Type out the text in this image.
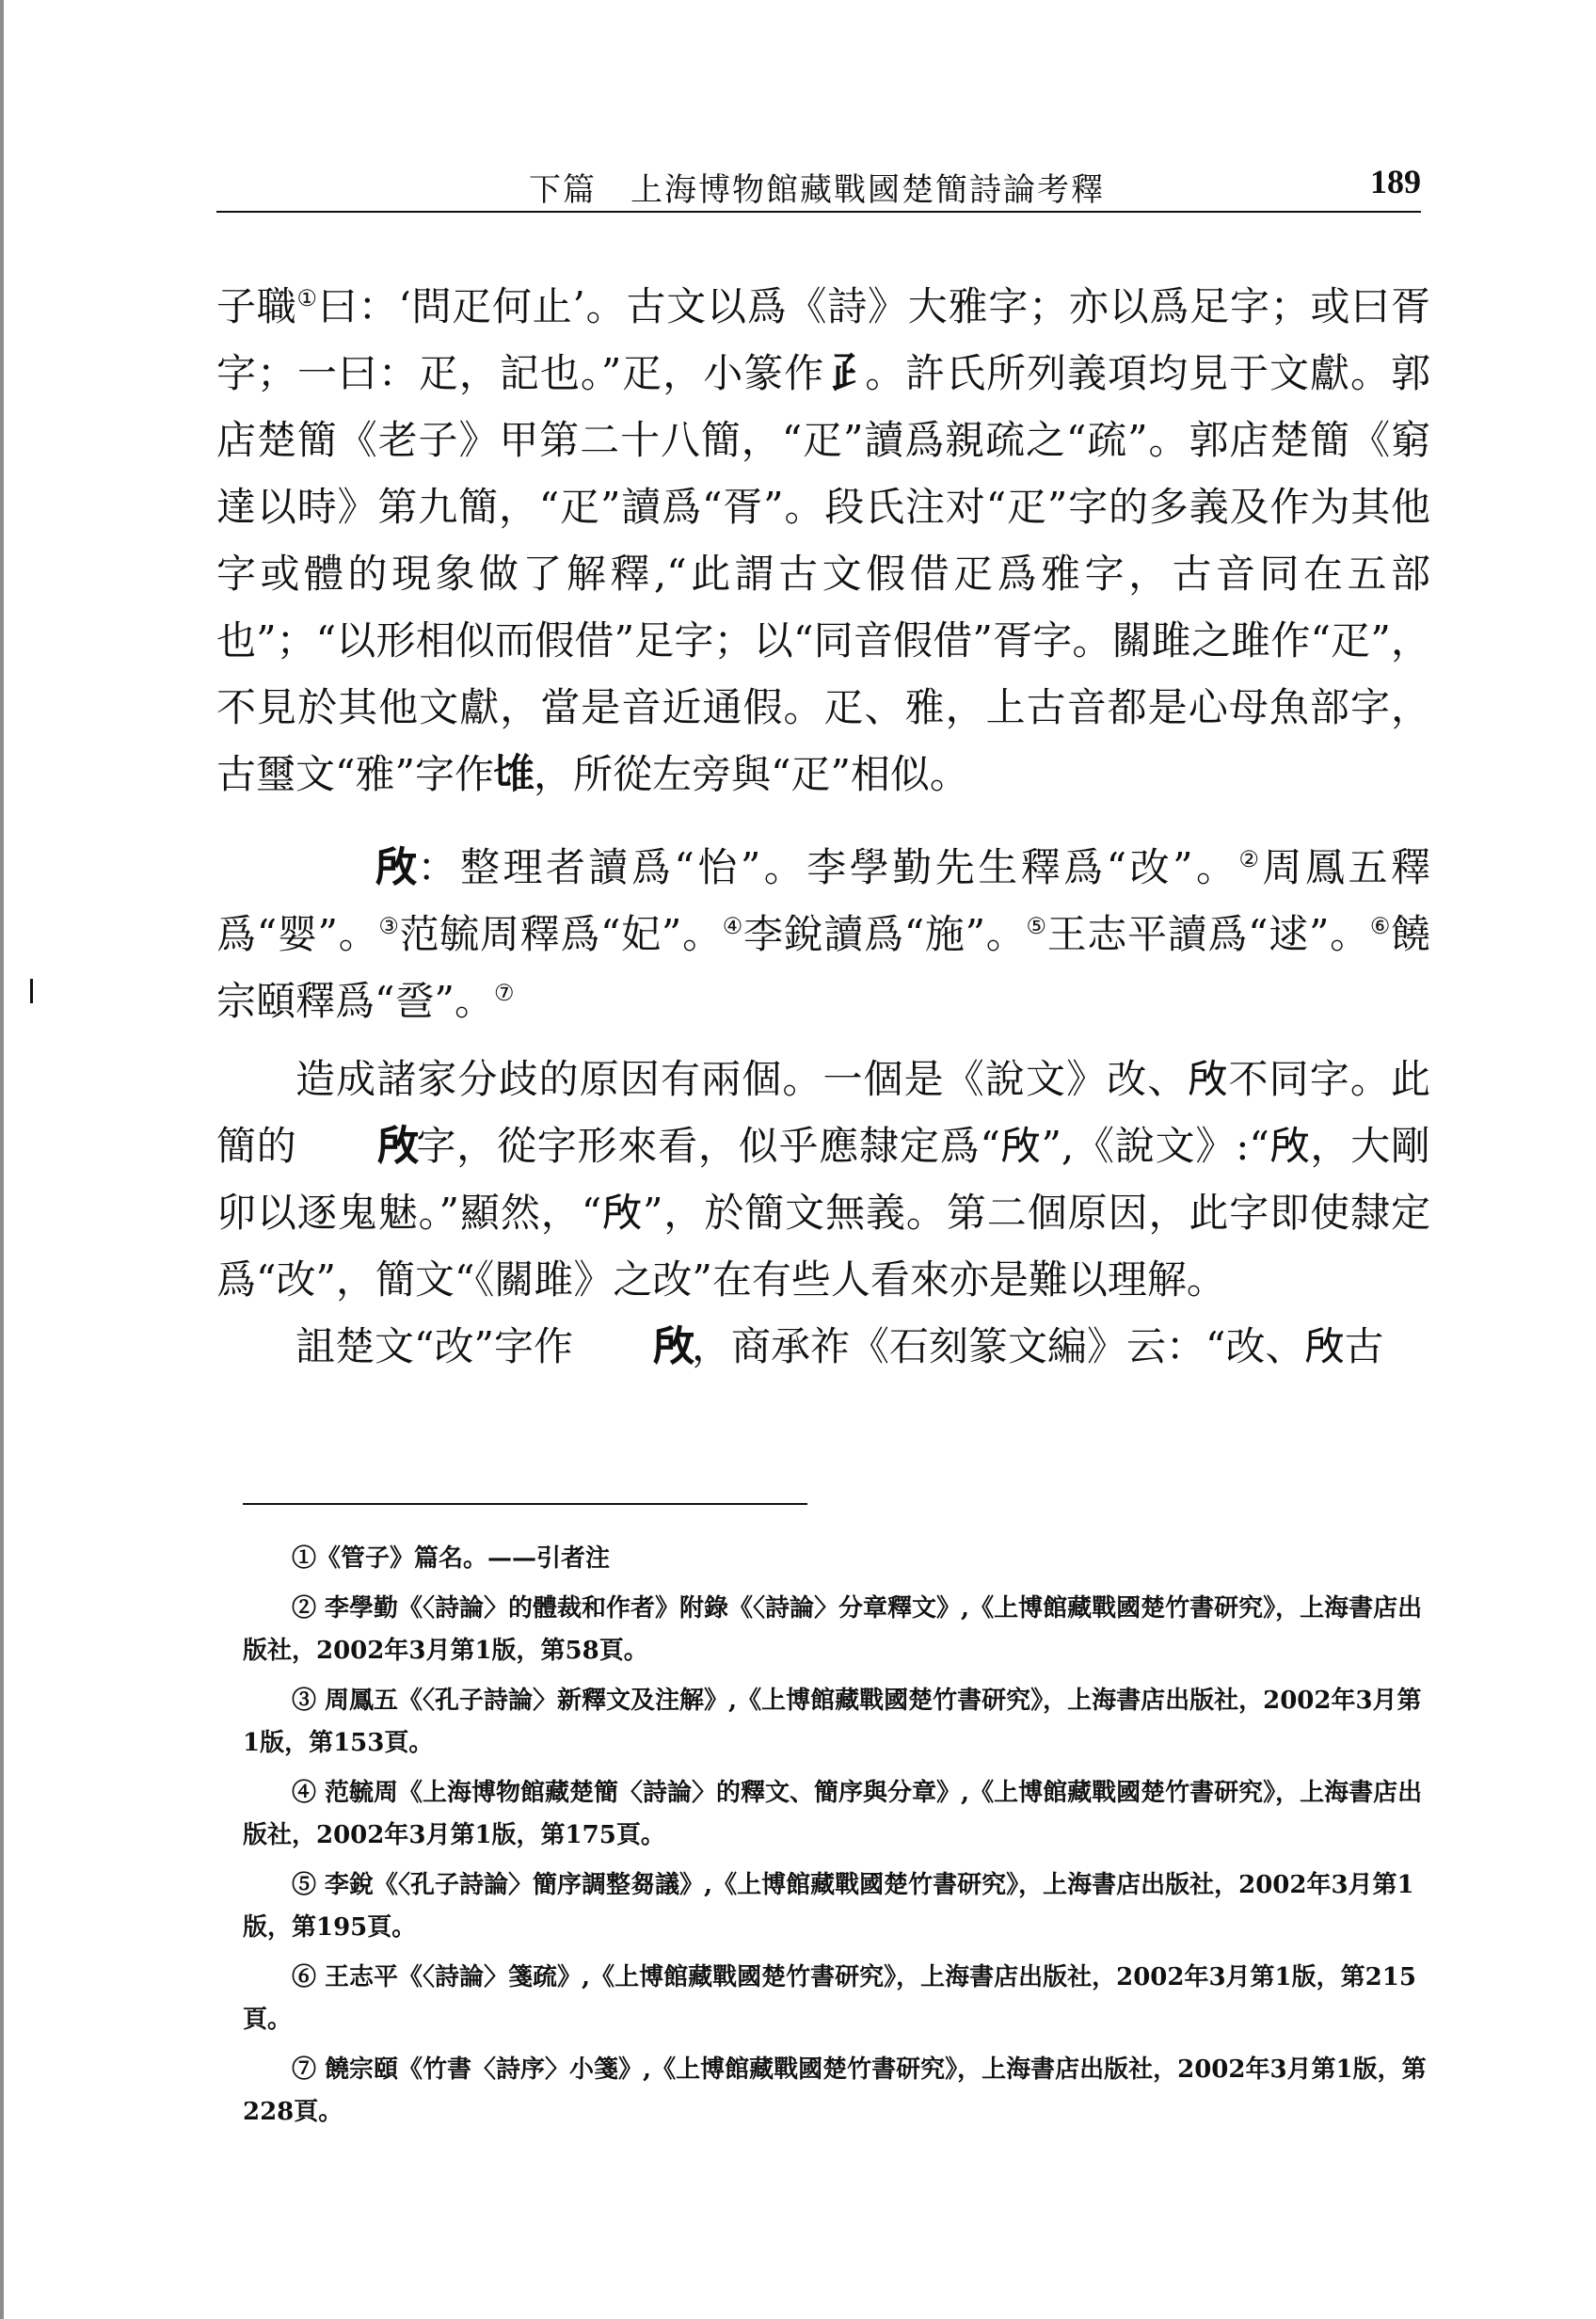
下篇 上海博物館藏戰國楚簡詩論考釋	189

子職①曰：‘問疋何止’。古文以爲《詩》大雅字；亦以爲足字；或曰胥字；一曰：疋，記也。”疋，小篆作𤴔。許氏所列義項均見于文獻。郭店楚簡《老子》甲第二十八簡，“疋”讀爲親疏之“疏”。郭店楚簡《窮達以時》第九簡，“疋”讀爲“胥”。段氏注对“疋”字的多義及作为其他字或體的現象做了解釋,“此謂古文假借疋爲雅字，古音同在五部也”；“以形相似而假借”足字；以“同音假借”胥字。關雎之雎作“疋”，不見於其他文獻，當是音近通假。疋、雅，上古音都是心母魚部字，古璽文“雅”字作𨾅，所從左旁與“疋”相似。

𢼄：整理者讀爲“怡”。李學勤先生釋爲“改”。②周鳳五釋爲“婴”。③范毓周釋爲“妃”。④李銳讀爲“施”。⑤王志平讀爲“逑”。⑥饒宗頤釋爲“巹”。⑦

造成諸家分歧的原因有兩個。一個是《說文》改、𢼄不同字。此簡的 𢼄字，從字形來看，似乎應隸定爲“𢼄”,《說文》:“𢼄，大剛卯以逐鬼魅。”顯然，“𢼄”，於簡文無義。第二個原因，此字即使隸定爲“改”，簡文“《關雎》之改”在有些人看來亦是難以理解。

詛楚文“改”字作 𢼄，商承祚《石刻篆文編》云：“改、𢼄古

①《管子》篇名。——引者注

② 李學勤《〈詩論〉的體裁和作者》附錄《〈詩論〉分章釋文》,《上博館藏戰國楚竹書研究》，上海書店出版社，2002年3月第1版，第58頁。

③ 周鳳五《〈孔子詩論〉新釋文及注解》,《上博館藏戰國楚竹書研究》，上海書店出版社，2002年3月第1版，第153頁。

④ 范毓周《上海博物館藏楚簡〈詩論〉的釋文、簡序與分章》,《上博館藏戰國楚竹書研究》，上海書店出版社，2002年3月第1版，第175頁。

⑤ 李銳《〈孔子詩論〉簡序調整芻議》,《上博館藏戰國楚竹書研究》，上海書店出版社，2002年3月第1版，第195頁。

⑥ 王志平《〈詩論〉箋疏》,《上博館藏戰國楚竹書研究》，上海書店出版社，2002年3月第1版，第215頁。

⑦ 饒宗頤《竹書〈詩序〉小箋》,《上博館藏戰國楚竹書研究》，上海書店出版社，2002年3月第1版，第228頁。
